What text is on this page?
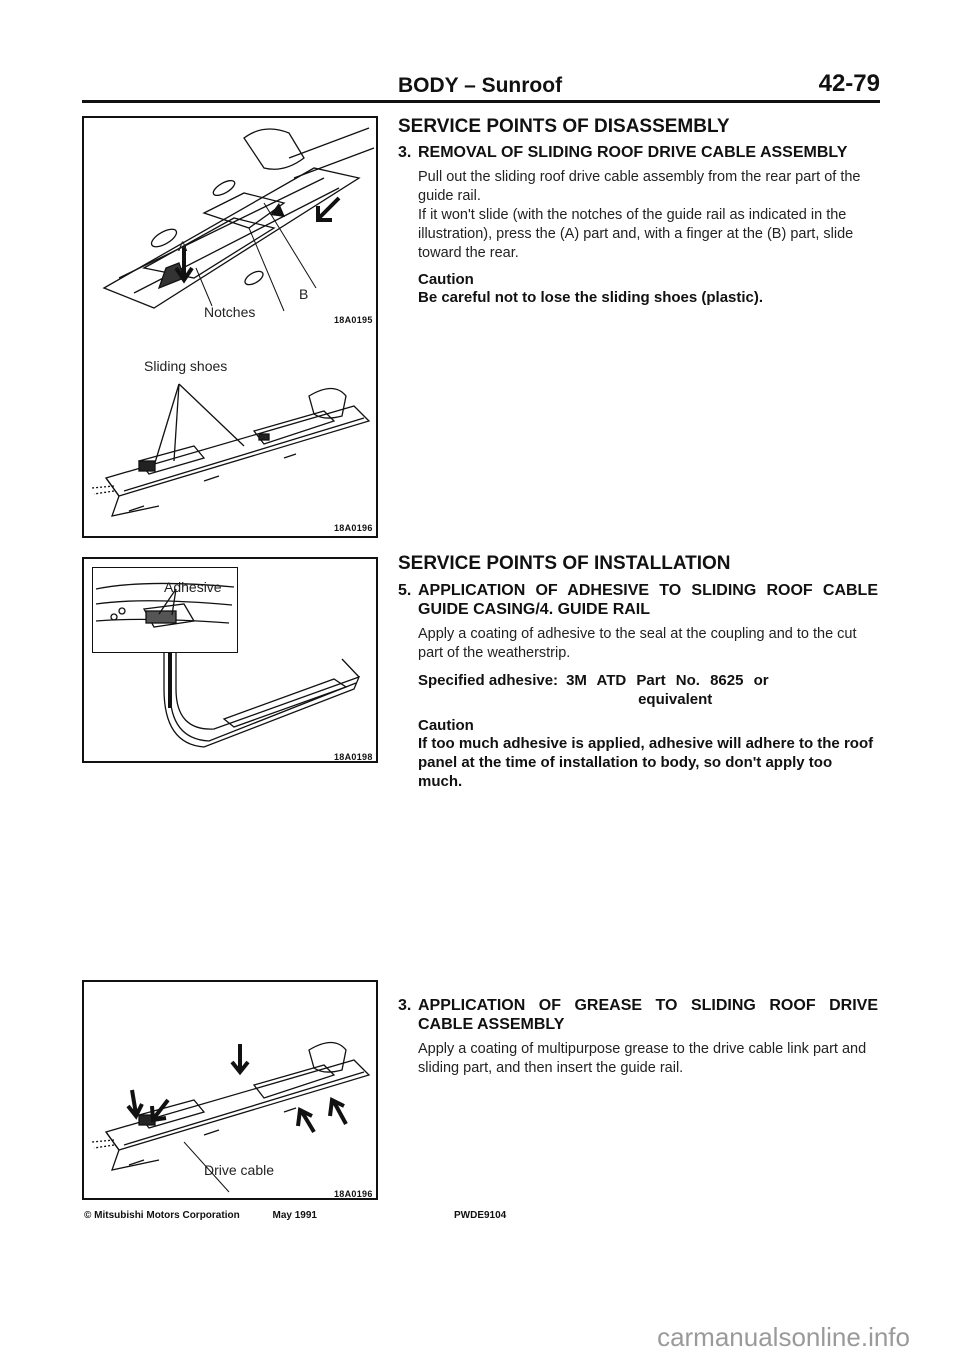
BODY – Sunroof	42-79
A
B
Notches	18A0195
Sliding shoes
18A0196
Adhesive
18A0198
Drive cable
18A0196
SERVICE POINTS OF DISASSEMBLY
3. REMOVAL OF SLIDING ROOF DRIVE CABLE ASSEMBLY
Pull out the sliding roof drive cable assembly from the rear part of the guide rail.
If it won't slide (with the notches of the guide rail as indicated in the illustration), press the (A) part and, with a finger at the (B) part, slide toward the rear.
Caution
Be careful not to lose the sliding shoes (plastic).
SERVICE POINTS OF INSTALLATION
5. APPLICATION OF ADHESIVE TO SLIDING ROOF CABLE GUIDE CASING/4. GUIDE RAIL
Apply a coating of adhesive to the seal at the coupling and to the cut part of the weatherstrip.
Specified adhesive: 3M ATD Part No. 8625 or
equivalent
Caution
If too much adhesive is applied, adhesive will adhere to the roof panel at the time of installation to body, so don't apply too much.
3. APPLICATION OF GREASE TO SLIDING ROOF DRIVE CABLE ASSEMBLY
Apply a coating of multipurpose grease to the drive cable link part and sliding part, and then insert the guide rail.
© Mitsubishi Motors Corporation	May 1991	PWDE9104
carmanualsonline.info
